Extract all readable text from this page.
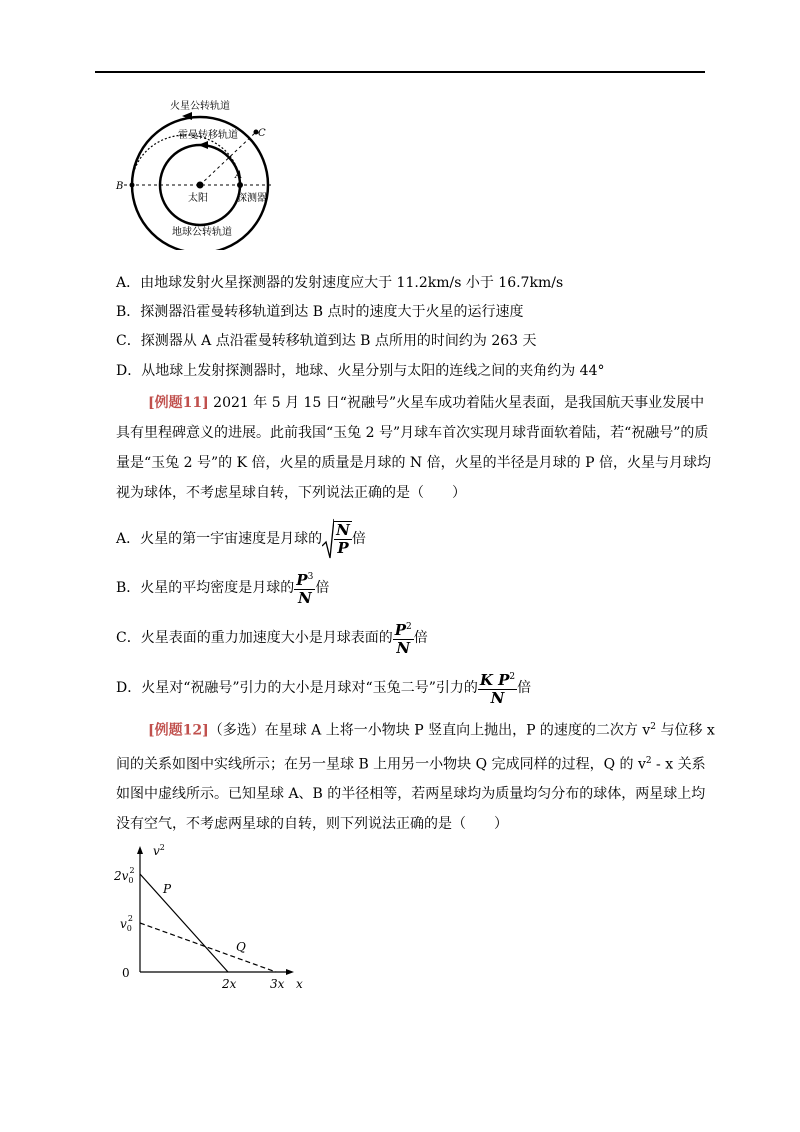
火星公转轨道
霍曼转移轨道
地球公转轨道
太阳	探测器
A
B
C
A．由地球发射火星探测器的发射速度应大于 11.2km/s 小于 16.7km/s
B．探测器沿霍曼转移轨道到达 B 点时的速度大于火星的运行速度
C．探测器从 A 点沿霍曼转移轨道到达 B 点所用的时间约为 263 天
D．从地球上发射探测器时，地球、火星分别与太阳的连线之间的夹角约为 44°
[例题11] 2021 年 5 月 15 日“祝融号”火星车成功着陆火星表面，是我国航天事业发展中具有里程碑意义的进展。此前我国“玉兔 2 号”月球车首次实现月球背面软着陆，若“祝融号”的质量是“玉兔 2 号”的 K 倍，火星的质量是月球的 N 倍，火星的半径是月球的 P 倍，火星与月球均视为球体，不考虑星球自转，下列说法正确的是（　　）
A．火星的第一宇宙速度是月球的 $\frac{N}{P}$ 倍
B．火星的平均密度是月球的 $\frac{P^3}{N}$ 倍
C．火星表面的重力加速度大小是月球表面的 $\frac{P^2}{N}$ 倍
D．火星对“祝融号”引力的大小是月球对“玉兔二号”引力的 $\frac{K P^2}{N}$ 倍
[例题12]（多选）在星球 A 上将一小物块 P 竖直向上抛出，P 的速度的二次方 $v^2$ 与位移 x 间的关系如图中实线所示；在另一星球 B 上用另一小物块 Q 完成同样的过程，Q 的 $v^2$ - x 关系如图中虚线所示。已知星球 A、B 的半径相等，若两星球均为质量均匀分布的球体，两星球上均没有空气，不考虑两星球的自转，则下列说法正确的是（　　）
$v^2$
$2v_02$
$v_02$
0
2x	3x x
P
Q
